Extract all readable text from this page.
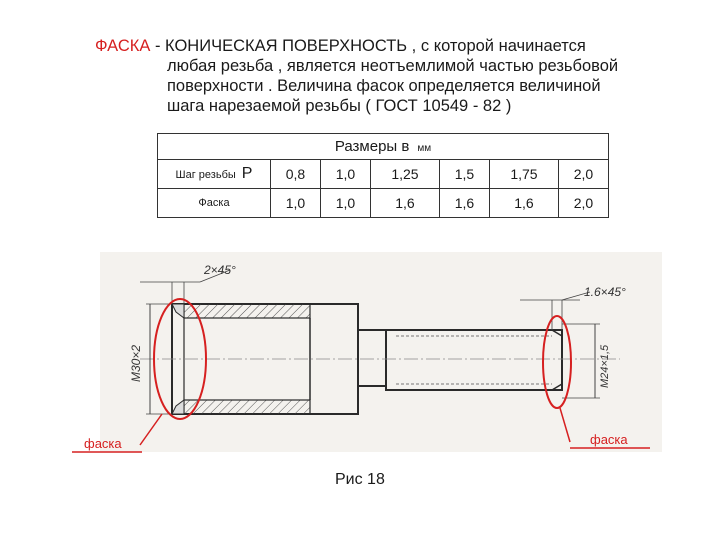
ФАСКА - КОНИЧЕСКАЯ ПОВЕРХНОСТЬ , с которой начинается
любая резьба , является неотъемлимой частью резьбовой
поверхности . Величина фасок определяется величиной
шага нарезаемой резьбы ( ГОСТ 10549 - 82 )
Размеры в мм						
Шаг резьбы P	0,8	1,0	1,25	1,5	1,75	2,0
Фаска	1,0	1,0	1,6	1,6	1,6	2,0
2×45°
1.6×45°
M30×2	M24×1,5
фаска	фаска
Рис 18
